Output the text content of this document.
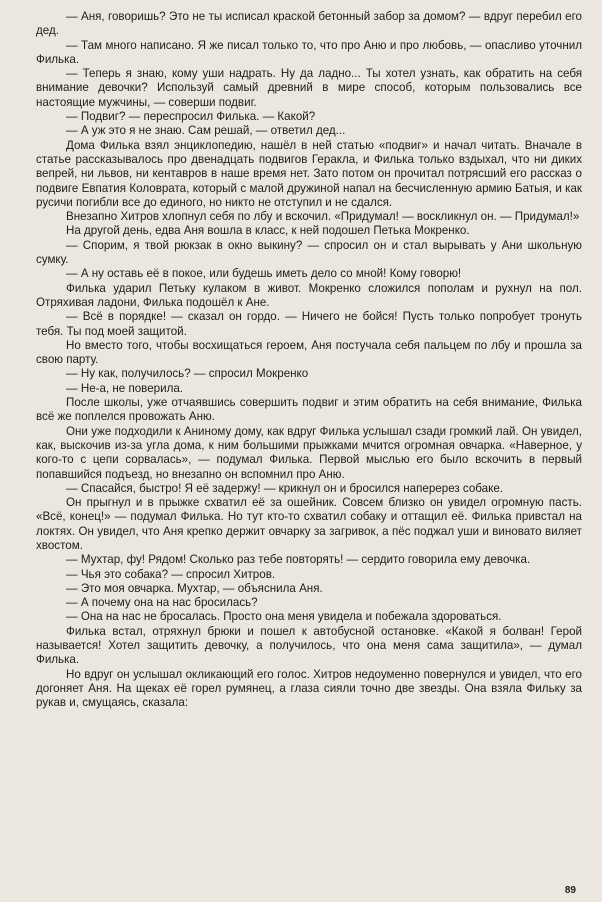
— Аня, говоришь? Это не ты исписал краской бетонный забор за домом? — вдруг перебил его дед.

— Там много написано. Я же писал только то, что про Аню и про любовь, — опасливо уточнил Филька.

— Теперь я знаю, кому уши надрать. Ну да ладно... Ты хотел узнать, как обратить на себя внимание девочки? Используй самый древний в мире способ, которым пользовались все настоящие мужчины, — соверши подвиг.

— Подвиг? — переспросил Филька. — Какой?

— А уж это я не знаю. Сам решай, — ответил дед...

Дома Филька взял энциклопедию, нашёл в ней статью «подвиг» и начал читать. Вначале в статье рассказывалось про двенадцать подвигов Геракла, и Филька только вздыхал, что ни диких вепрей, ни львов, ни кентавров в наше время нет. Зато потом он прочитал потрясший его рассказ о подвиге Евпатия Коловрата, который с малой дружиной напал на бесчисленную армию Батыя, и как русичи погибли все до единого, но никто не отступил и не сдался.

Внезапно Хитров хлопнул себя по лбу и вскочил. «Придумал! — воскликнул он. — Придумал!»

На другой день, едва Аня вошла в класс, к ней подошел Петька Мокренко.

— Спорим, я твой рюкзак в окно выкину? — спросил он и стал вырывать у Ани школьную сумку.

— А ну оставь её в покое, или будешь иметь дело со мной! Кому говорю!

Филька ударил Петьку кулаком в живот. Мокренко сложился пополам и рухнул на пол. Отряхивая ладони, Филька подошёл к Ане.

— Всё в порядке! — сказал он гордо. — Ничего не бойся! Пусть только попробует тронуть тебя. Ты под моей защитой.

Но вместо того, чтобы восхищаться героем, Аня постучала себя пальцем по лбу и прошла за свою парту.

— Ну как, получилось? — спросил Мокренко

— Не-а, не поверила.

После школы, уже отчаявшись совершить подвиг и этим обратить на себя внимание, Филька всё же поплелся провожать Аню.

Они уже подходили к Аниному дому, как вдруг Филька услышал сзади громкий лай. Он увидел, как, выскочив из-за угла дома, к ним большими прыжками мчится огромная овчарка. «Наверное, у кого-то с цепи сорвалась», — подумал Филька. Первой мыслью его было вскочить в первый попавшийся подъезд, но внезапно он вспомнил про Аню.

— Спасайся, быстро! Я её задержу! — крикнул он и бросился наперерез собаке.

Он прыгнул и в прыжке схватил её за ошейник. Совсем близко он увидел огромную пасть. «Всё, конец!» — подумал Филька. Но тут кто-то схватил собаку и оттащил её. Филька привстал на локтях. Он увидел, что Аня крепко держит овчарку за загривок, а пёс поджал уши и виновато виляет хвостом.

— Мухтар, фу! Рядом! Сколько раз тебе повторять! — сердито говорила ему девочка.

— Чья это собака? — спросил Хитров.

— Это моя овчарка. Мухтар, — объяснила Аня.

— А почему она на нас бросилась?

— Она на нас не бросалась. Просто она меня увидела и побежала здороваться.

Филька встал, отряхнул брюки и пошел к автобусной остановке. «Какой я болван! Герой называется! Хотел защитить девочку, а получилось, что она меня сама защитила», — думал Филька.

Но вдруг он услышал окликающий его голос. Хитров недоуменно повернулся и увидел, что его догоняет Аня. На щеках её горел румянец, а глаза сияли точно две звезды. Она взяла Фильку за рукав и, смущаясь, сказала:

89
